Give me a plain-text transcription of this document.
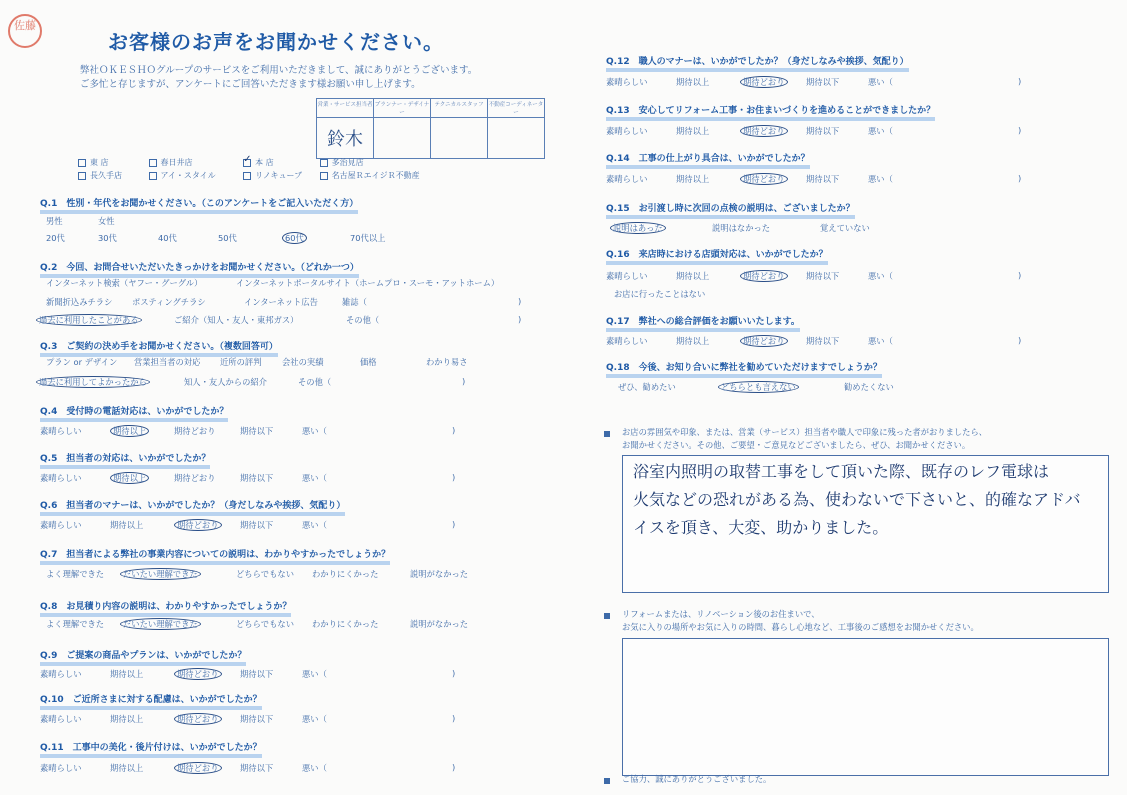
佐藤
お客様のお声をお聞かせください。
弊社ＯＫＥＳＨＯグループのサービスをご利用いただきまして、誠にありがとうございます。
ご多忙と存じますが、アンケートにご回答いただきます様お願い申し上げます。
営業・サービス担当者	プランナー・デザイナー	テクニカルスタッフ	不動産コーディネーター
鈴木			
東 店	春日井店	✓ 本 店	多治見店
長久手店	アイ・スタイル	リノキューブ	名古屋ＲエイジＲ不動産
Q.1　性別・年代をお聞かせください。（このアンケートをご記入いただく方）
男性	女性
20代	30代	40代	50代	60代	70代以上
Q.2　今回、お問合せいただいたきっかけをお聞かせください。（どれか一つ）
インターネット検索（ヤフー・グーグル）	インターネットポータルサイト（ホームプロ・スーモ・アットホーム）
新聞折込みチラシ ポスティングチラシ	インターネット広告	雑誌（	)
過去に利用したことがある	ご紹介（知人・友人・東邦ガス）	その他（	)
Q.3　ご契約の決め手をお聞かせください。（複数回答可）
プラン or デザイン 営業担当者の対応 近所の評判 会社の実績	価格	わかり易さ
過去に利用してよかったから	知人・友人からの紹介	その他（	)
Q.4　受付時の電話対応は、いかがでしたか？
素晴らしい	期待以上	期待どおり	期待以下	悪い（	)
Q.5　担当者の対応は、いかがでしたか？
素晴らしい	期待以上	期待どおり	期待以下	悪い（	)
Q.6　担当者のマナーは、いかがでしたか？（身だしなみや挨拶、気配り）
素晴らしい	期待以上	期待どおり	期待以下	悪い（	)
Q.7　担当者による弊社の事業内容についての説明は、わかりやすかったでしょうか？
よく理解できた	だいたい理解できた	どちらでもない わかりにくかった	説明がなかった
Q.8　お見積り内容の説明は、わかりやすかったでしょうか？
よく理解できた	だいたい理解できた	どちらでもない わかりにくかった	説明がなかった
Q.9　ご提案の商品やプランは、いかがでしたか？
素晴らしい	期待以上	期待どおり	期待以下	悪い（	)
Q.10　ご近所さまに対する配慮は、いかがでしたか？
素晴らしい	期待以上	期待どおり	期待以下	悪い（	)
Q.11　工事中の美化・後片付けは、いかがでしたか？
素晴らしい	期待以上	期待どおり	期待以下	悪い（	)
Q.12　職人のマナーは、いかがでしたか？（身だしなみや挨拶、気配り）
素晴らしい	期待以上	期待どおり	期待以下	悪い（	)
Q.13　安心してリフォーム工事・お住まいづくりを進めることができましたか？
素晴らしい	期待以上	期待どおり	期待以下	悪い（	)
Q.14　工事の仕上がり具合は、いかがでしたか？
素晴らしい	期待以上	期待どおり	期待以下	悪い（	)
Q.15　お引渡し時に次回の点検の説明は、ございましたか？
説明はあった	説明はなかった	覚えていない
Q.16　来店時における店頭対応は、いかがでしたか？
素晴らしい	期待以上	期待どおり	期待以下	悪い（	)
お店に行ったことはない
Q.17　弊社への総合評価をお願いいたします。
素晴らしい	期待以上	期待どおり	期待以下	悪い（	)
Q.18　今後、お知り合いに弊社を勧めていただけますでしょうか？
ぜひ、勧めたい	どちらとも言えない	勧めたくない
お店の雰囲気や印象、または、営業（サービス）担当者や職人で印象に残った者がおりましたら、
お聞かせください。その他、ご要望・ご意見などございましたら、ぜひ、お聞かせください。
浴室内照明の取替工事をして頂いた際、既存のレフ電球は
火気などの恐れがある為、使わないで下さいと、的確なアドバ
イスを頂き、大変、助かりました。
リフォームまたは、リノベーション後のお住まいで、
お気に入りの場所やお気に入りの時間、暮らし心地など、工事後のご感想をお聞かせください。
ご協力、誠にありがとうございました。
